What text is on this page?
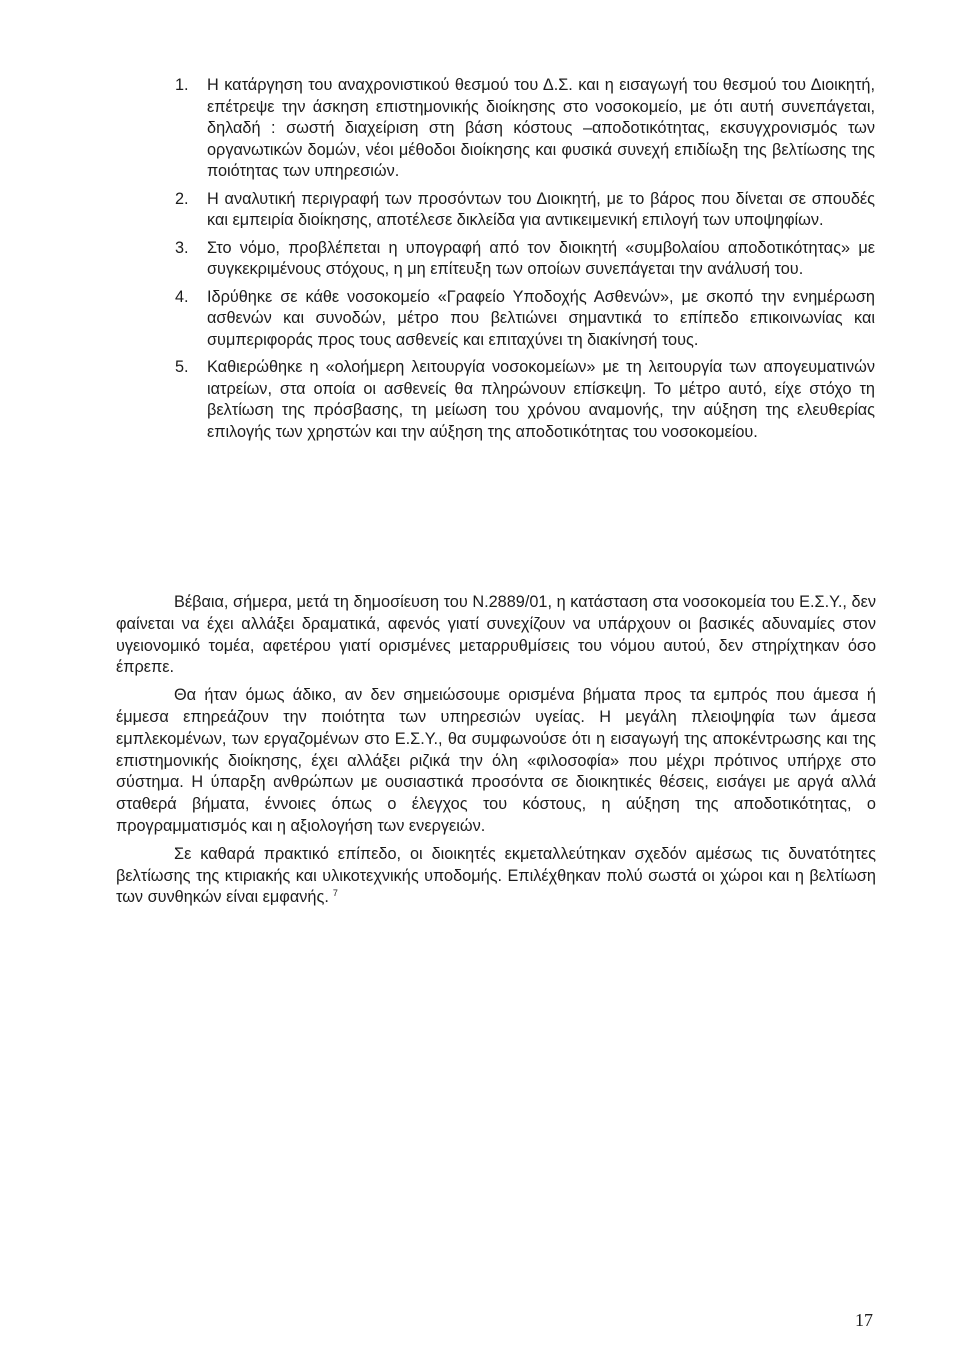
1. Η κατάργηση του αναχρονιστικού θεσμού του Δ.Σ. και η εισαγωγή του θεσμού του Διοικητή, επέτρεψε την άσκηση επιστημονικής διοίκησης στο νοσοκομείο, με ότι αυτή συνεπάγεται, δηλαδή : σωστή διαχείριση στη βάση κόστους –αποδοτικότητας, εκσυγχρονισμός των οργανωτικών δομών, νέοι μέθοδοι διοίκησης και φυσικά συνεχή επιδίωξη της βελτίωσης της ποιότητας των υπηρεσιών.
2. Η αναλυτική περιγραφή των προσόντων του Διοικητή, με το βάρος που δίνεται σε σπουδές και εμπειρία διοίκησης, αποτέλεσε δικλείδα για αντικειμενική επιλογή των υποψηφίων.
3. Στο νόμο, προβλέπεται η υπογραφή από τον διοικητή «συμβολαίου αποδοτικότητας» με συγκεκριμένους στόχους, η μη επίτευξη των οποίων συνεπάγεται την ανάλυσή του.
4. Ιδρύθηκε σε κάθε νοσοκομείο «Γραφείο Υποδοχής Ασθενών», με σκοπό την ενημέρωση ασθενών και συνοδών, μέτρο που βελτιώνει σημαντικά το επίπεδο επικοινωνίας και συμπεριφοράς προς τους ασθενείς και επιταχύνει τη διακίνησή τους.
5. Καθιερώθηκε η «ολοήμερη λειτουργία νοσοκομείων» με τη λειτουργία των απογευματινών ιατρείων, στα οποία οι ασθενείς θα πληρώνουν επίσκεψη. Το μέτρο αυτό, είχε στόχο τη βελτίωση της πρόσβασης, τη μείωση του χρόνου αναμονής, την αύξηση της ελευθερίας επιλογής των χρηστών και την αύξηση της αποδοτικότητας του νοσοκομείου.

Βέβαια, σήμερα, μετά τη δημοσίευση του Ν.2889/01, η κατάσταση στα νοσοκομεία του Ε.Σ.Υ., δεν φαίνεται να έχει αλλάξει δραματικά, αφενός γιατί συνεχίζουν να υπάρχουν οι βασικές αδυναμίες στον υγειονομικό τομέα, αφετέρου γιατί ορισμένες μεταρρυθμίσεις του νόμου αυτού, δεν στηρίχτηκαν όσο έπρεπε.

Θα ήταν όμως άδικο, αν δεν σημειώσουμε ορισμένα βήματα προς τα εμπρός που άμεσα ή έμμεσα επηρεάζουν την ποιότητα των υπηρεσιών υγείας. Η μεγάλη πλειοψηφία των άμεσα εμπλεκομένων, των εργαζομένων στο Ε.Σ.Υ., θα συμφωνούσε ότι η εισαγωγή της αποκέντρωσης και της επιστημονικής διοίκησης, έχει αλλάξει ριζικά την όλη «φιλοσοφία» που μέχρι πρότινος υπήρχε στο σύστημα. Η ύπαρξη ανθρώπων με ουσιαστικά προσόντα σε διοικητικές θέσεις, εισάγει με αργά αλλά σταθερά βήματα, έννοιες όπως ο έλεγχος του κόστους, η αύξηση της αποδοτικότητας, ο προγραμματισμός και η αξιολογήση των ενεργειών.

Σε καθαρά πρακτικό επίπεδο, οι διοικητές εκμεταλλεύτηκαν σχεδόν αμέσως τις δυνατότητες βελτίωσης της κτιριακής και υλικοτεχνικής υποδομής. Επιλέχθηκαν πολύ σωστά οι χώροι και η βελτίωση των συνθηκών είναι εμφανής. $^7$

17
